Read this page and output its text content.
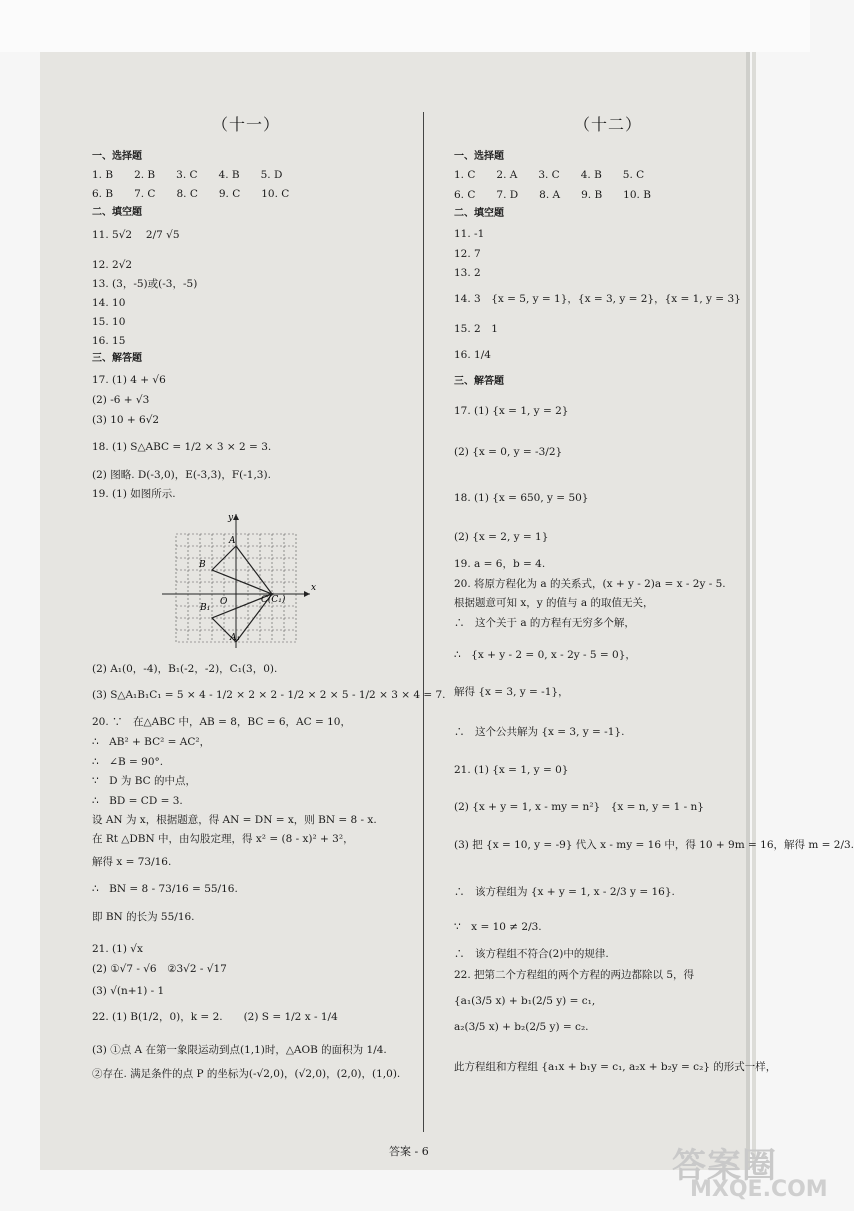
（十一）
一、选择题
1. B　　2. B　　3. C　　4. B　　5. D
6. B　　7. C　　8. C　　9. C　　10. C
二、填空题
11. 5√2　 2/7 √5
12. 2√2
13. (3，-5)或(-3，-5)
14. 10
15. 10
16. 15
三、解答题
17. (1) 4 + √6
(2) -6 + √3
(3) 10 + 6√2
18. (1) S△ABC = 1/2 × 3 × 2 = 3.
(2) 图略. D(-3,0)，E(-3,3)，F(-1,3).
19. (1) 如图所示.
(2) A₁(0，-4)，B₁(-2，-2)，C₁(3，0).
(3) S△A₁B₁C₁ = 5 × 4 - 1/2 × 2 × 2 - 1/2 × 2 × 5 - 1/2 × 3 × 4 = 7.
20. ∵　在△ABC 中，AB = 8，BC = 6，AC = 10，
∴　AB² + BC² = AC²，
∴　∠B = 90°.
∵　D 为 BC 的中点，
∴　BD = CD = 3.
设 AN 为 x，根据题意，得 AN = DN = x，则 BN = 8 - x.
在 Rt △DBN 中，由勾股定理，得 x² = (8 - x)² + 3²，
解得 x = 73/16.
∴　BN = 8 - 73/16 = 55/16.
即 BN 的长为 55/16.
21. (1) √x
(2) ①√7 - √6　②3√2 - √17
(3) √(n+1) - 1
22. (1) B(1/2，0)，k = 2.　　(2) S = 1/2 x - 1/4
(3) ①点 A 在第一象限运动到点(1,1)时，△AOB 的面积为 1/4.
②存在. 满足条件的点 P 的坐标为(-√2,0)，(√2,0)，(2,0)，(1,0).
y
x
A
B
O	C(C₁)
B₁
A₁
（十二）
一、选择题
1. C　　2. A　　3. C　　4. B　　5. C
6. C　　7. D　　8. A　　9. B　　10. B
二、填空题
11. -1
12. 7
13. 2
14. 3　{x = 5, y = 1}，{x = 3, y = 2}，{x = 1, y = 3}
15. 2　1
16. 1/4
三、解答题
17. (1) {x = 1, y = 2}
(2) {x = 0, y = -3/2}
18. (1) {x = 650, y = 50}
(2) {x = 2, y = 1}
19. a = 6，b = 4.
20. 将原方程化为 a 的关系式，(x + y - 2)a = x - 2y - 5.
根据题意可知 x，y 的值与 a 的取值无关，
∴　这个关于 a 的方程有无穷多个解，
∴　{x + y - 2 = 0, x - 2y - 5 = 0}，
解得 {x = 3, y = -1}，
∴　这个公共解为 {x = 3, y = -1}.
21. (1) {x = 1, y = 0}
(2) {x + y = 1, x - my = n²}　{x = n, y = 1 - n}
(3) 把 {x = 10, y = -9} 代入 x - my = 16 中，得 10 + 9m = 16，解得 m = 2/3.
∴　该方程组为 {x + y = 1, x - 2/3 y = 16}.
∵　x = 10 ≠ 2/3.
∴　该方程组不符合(2)中的规律.
22. 把第二个方程组的两个方程的两边都除以 5，得
{a₁(3/5 x) + b₁(2/5 y) = c₁,
a₂(3/5 x) + b₂(2/5 y) = c₂.
此方程组和方程组 {a₁x + b₁y = c₁, a₂x + b₂y = c₂} 的形式一样，
答案 - 6	答案圈
MXQE.COM
